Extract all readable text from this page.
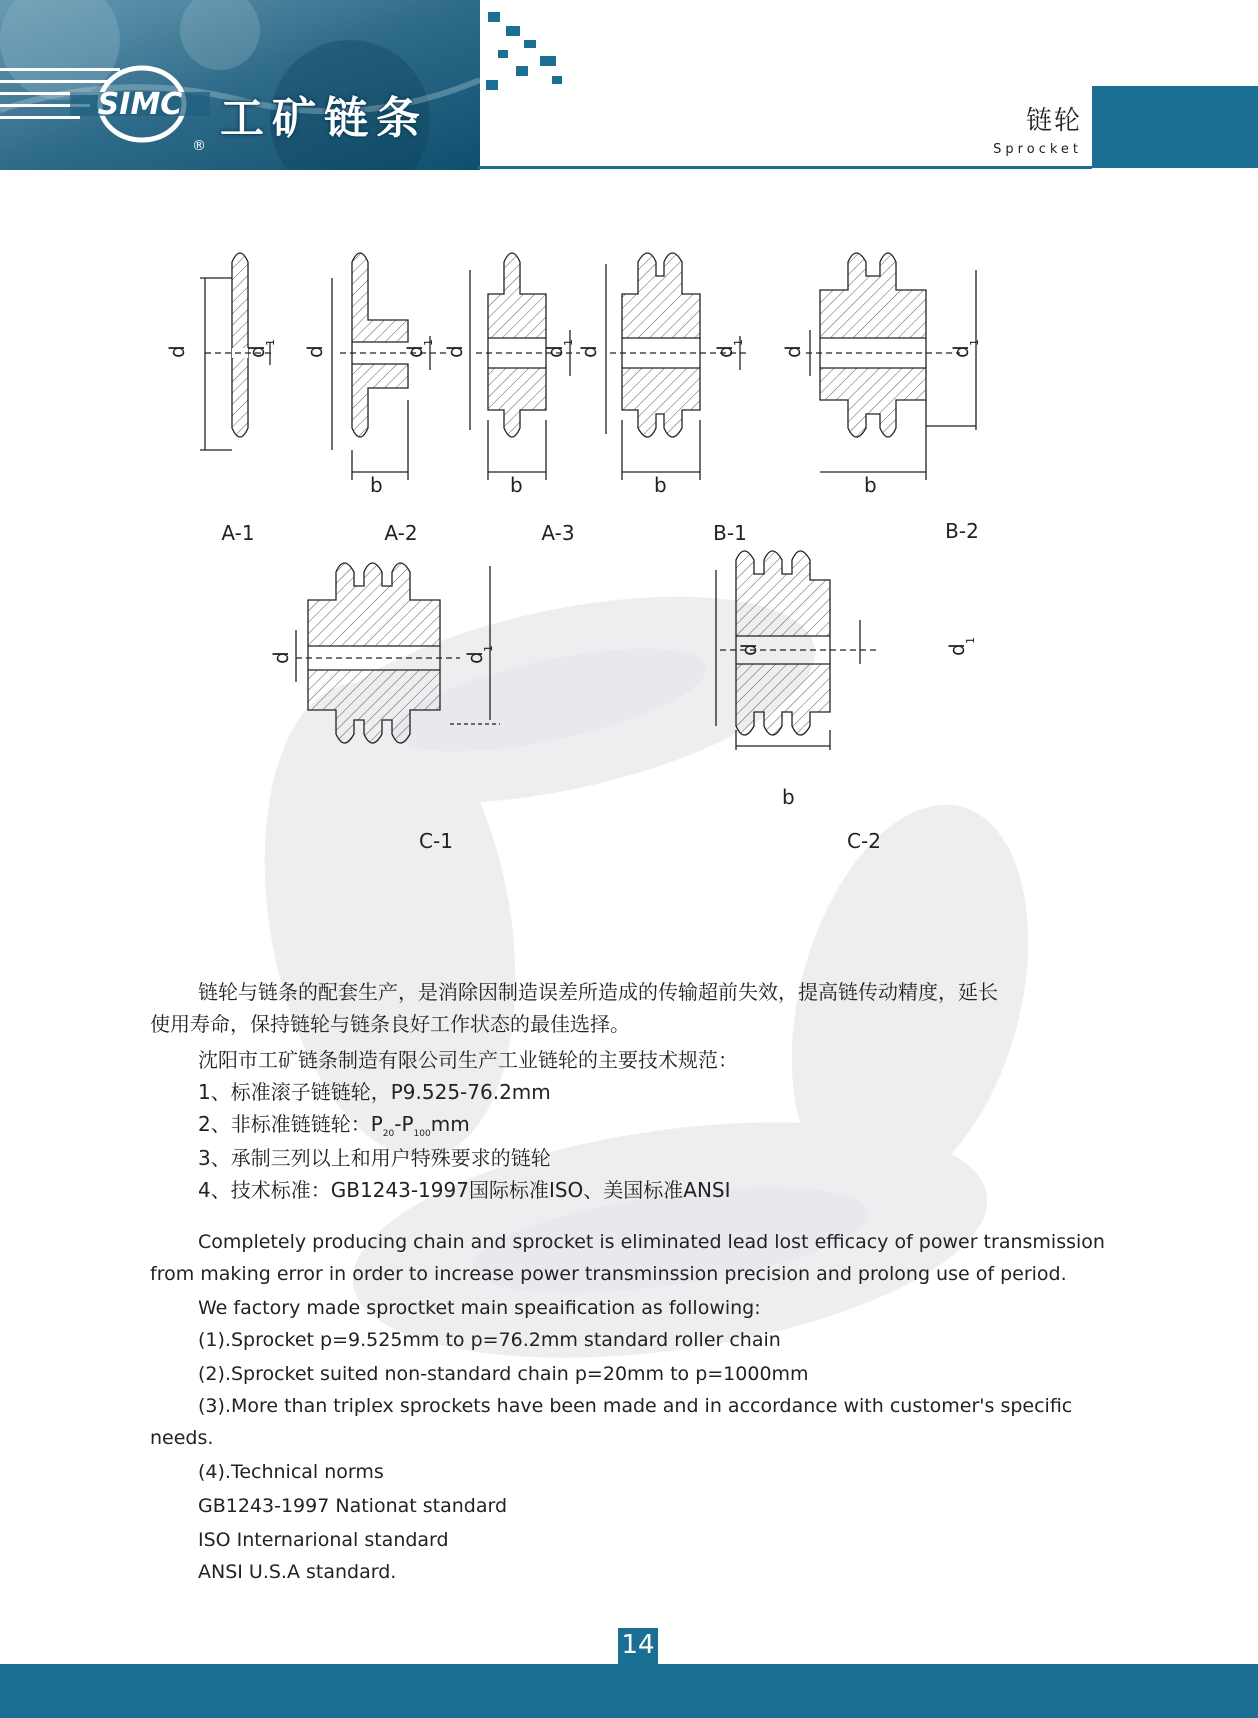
SIMC
®
工矿链条	链轮
Sprocket
d	d d	d
b
d	d
b
d	d
b
d	d
b
d	d
d	d
b
1	1	1	1	1
1
1
A-1	A-2	A-3	B-1	B-2
C-1	C-2
链轮与链条的配套生产，是消除因制造误差所造成的传输超前失效，提高链传动精度，延长
使用寿命，保持链轮与链条良好工作状态的最佳选择。
沈阳市工矿链条制造有限公司生产工业链轮的主要技术规范：
1、标准滚子链链轮，P9.525-76.2mm
2、非标准链链轮：$P_{20}-P_{100}mm$
3、承制三列以上和用户特殊要求的链轮
4、技术标准：GB1243-1997国际标准ISO、美国标准ANSI
Completely producing chain and sprocket is eliminated lead lost efficacy of power transmission
from making error in order to increase power transminssion precision and prolong use of period.
We factory made sproctket main speaification as following:
(1).Sprocket p=9.525mm to p=76.2mm standard roller chain
(2).Sprocket suited non-standard chain p=20mm to p=1000mm
(3).More than triplex sprockets have been made and in accordance with customer's specific
needs.
(4).Technical norms
GB1243-1997 Nationat standard
ISO Internarional standard
ANSI U.S.A standard.
14
